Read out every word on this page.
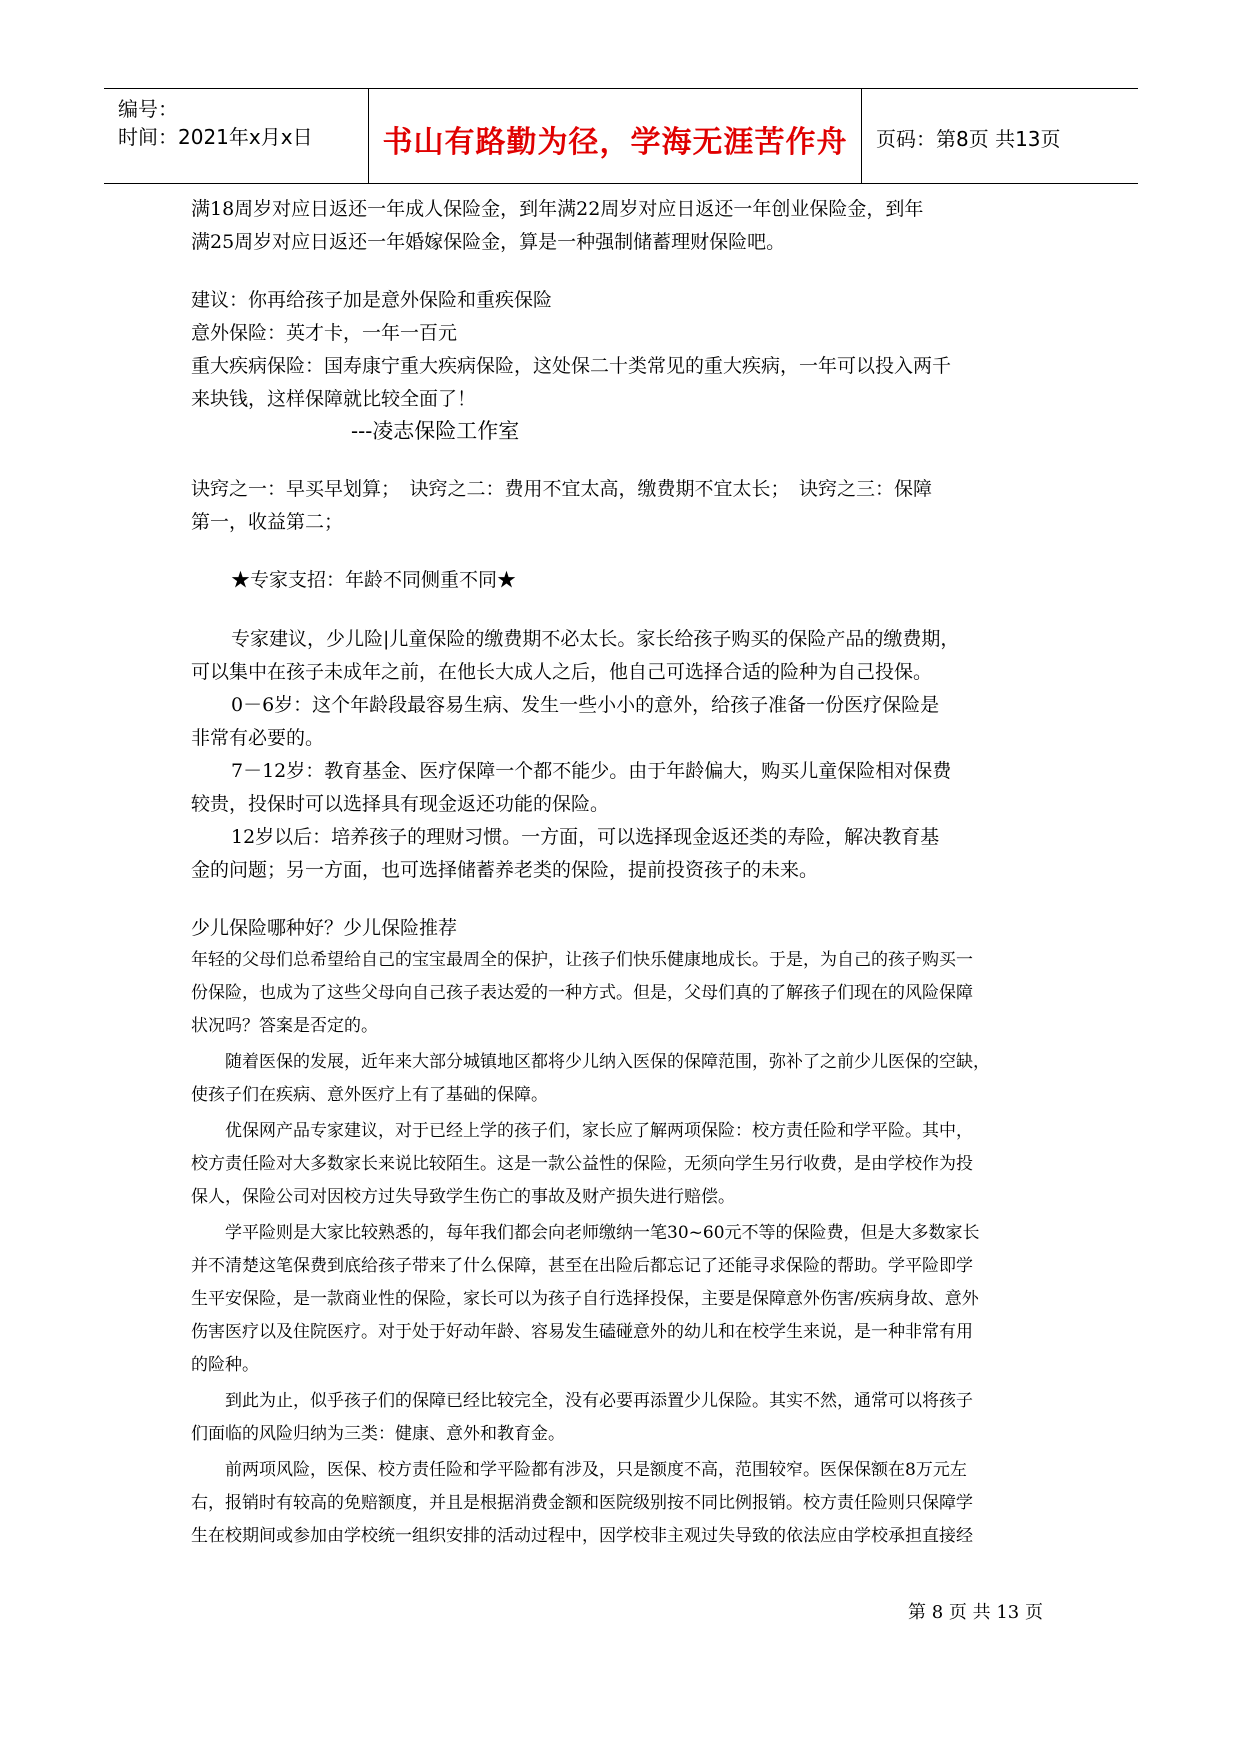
编号：
时间：2021年x月x日	书山有路勤为径，学海无涯苦作舟	页码：第8页 共13页
满18周岁对应日返还一年成人保险金，到年满22周岁对应日返还一年创业保险金，到年
满25周岁对应日返还一年婚嫁保险金，算是一种强制储蓄理财保险吧。
建议：你再给孩子加是意外保险和重疾保险
意外保险：英才卡，一年一百元
重大疾病保险：国寿康宁重大疾病保险，这处保二十类常见的重大疾病，一年可以投入两千
来块钱，这样保障就比较全面了！
---凌志保险工作室
诀窍之一：早买早划算；　诀窍之二：费用不宜太高，缴费期不宜太长；　诀窍之三：保障
第一，收益第二；
★专家支招：年龄不同侧重不同★
专家建议，少儿险|儿童保险的缴费期不必太长。家长给孩子购买的保险产品的缴费期，
可以集中在孩子未成年之前，在他长大成人之后，他自己可选择合适的险种为自己投保。
0－6岁：这个年龄段最容易生病、发生一些小小的意外，给孩子准备一份医疗保险是
非常有必要的。
7－12岁：教育基金、医疗保障一个都不能少。由于年龄偏大，购买儿童保险相对保费
较贵，投保时可以选择具有现金返还功能的保险。
12岁以后：培养孩子的理财习惯。一方面，可以选择现金返还类的寿险，解决教育基
金的问题；另一方面，也可选择储蓄养老类的保险，提前投资孩子的未来。
少儿保险哪种好？少儿保险推荐
年轻的父母们总希望给自己的宝宝最周全的保护，让孩子们快乐健康地成长。于是，为自己的孩子购买一
份保险，也成为了这些父母向自己孩子表达爱的一种方式。但是，父母们真的了解孩子们现在的风险保障
状况吗？答案是否定的。
随着医保的发展，近年来大部分城镇地区都将少儿纳入医保的保障范围，弥补了之前少儿医保的空缺，
使孩子们在疾病、意外医疗上有了基础的保障。
优保网产品专家建议，对于已经上学的孩子们，家长应了解两项保险：校方责任险和学平险。其中，
校方责任险对大多数家长来说比较陌生。这是一款公益性的保险，无须向学生另行收费，是由学校作为投
保人，保险公司对因校方过失导致学生伤亡的事故及财产损失进行赔偿。
学平险则是大家比较熟悉的，每年我们都会向老师缴纳一笔30~60元不等的保险费，但是大多数家长
并不清楚这笔保费到底给孩子带来了什么保障，甚至在出险后都忘记了还能寻求保险的帮助。学平险即学
生平安保险，是一款商业性的保险，家长可以为孩子自行选择投保，主要是保障意外伤害/疾病身故、意外
伤害医疗以及住院医疗。对于处于好动年龄、容易发生磕碰意外的幼儿和在校学生来说，是一种非常有用
的险种。
到此为止，似乎孩子们的保障已经比较完全，没有必要再添置少儿保险。其实不然，通常可以将孩子
们面临的风险归纳为三类：健康、意外和教育金。
前两项风险，医保、校方责任险和学平险都有涉及，只是额度不高，范围较窄。医保保额在8万元左
右，报销时有较高的免赔额度，并且是根据消费金额和医院级别按不同比例报销。校方责任险则只保障学
生在校期间或参加由学校统一组织安排的活动过程中，因学校非主观过失导致的依法应由学校承担直接经
第 8 页 共 13 页
